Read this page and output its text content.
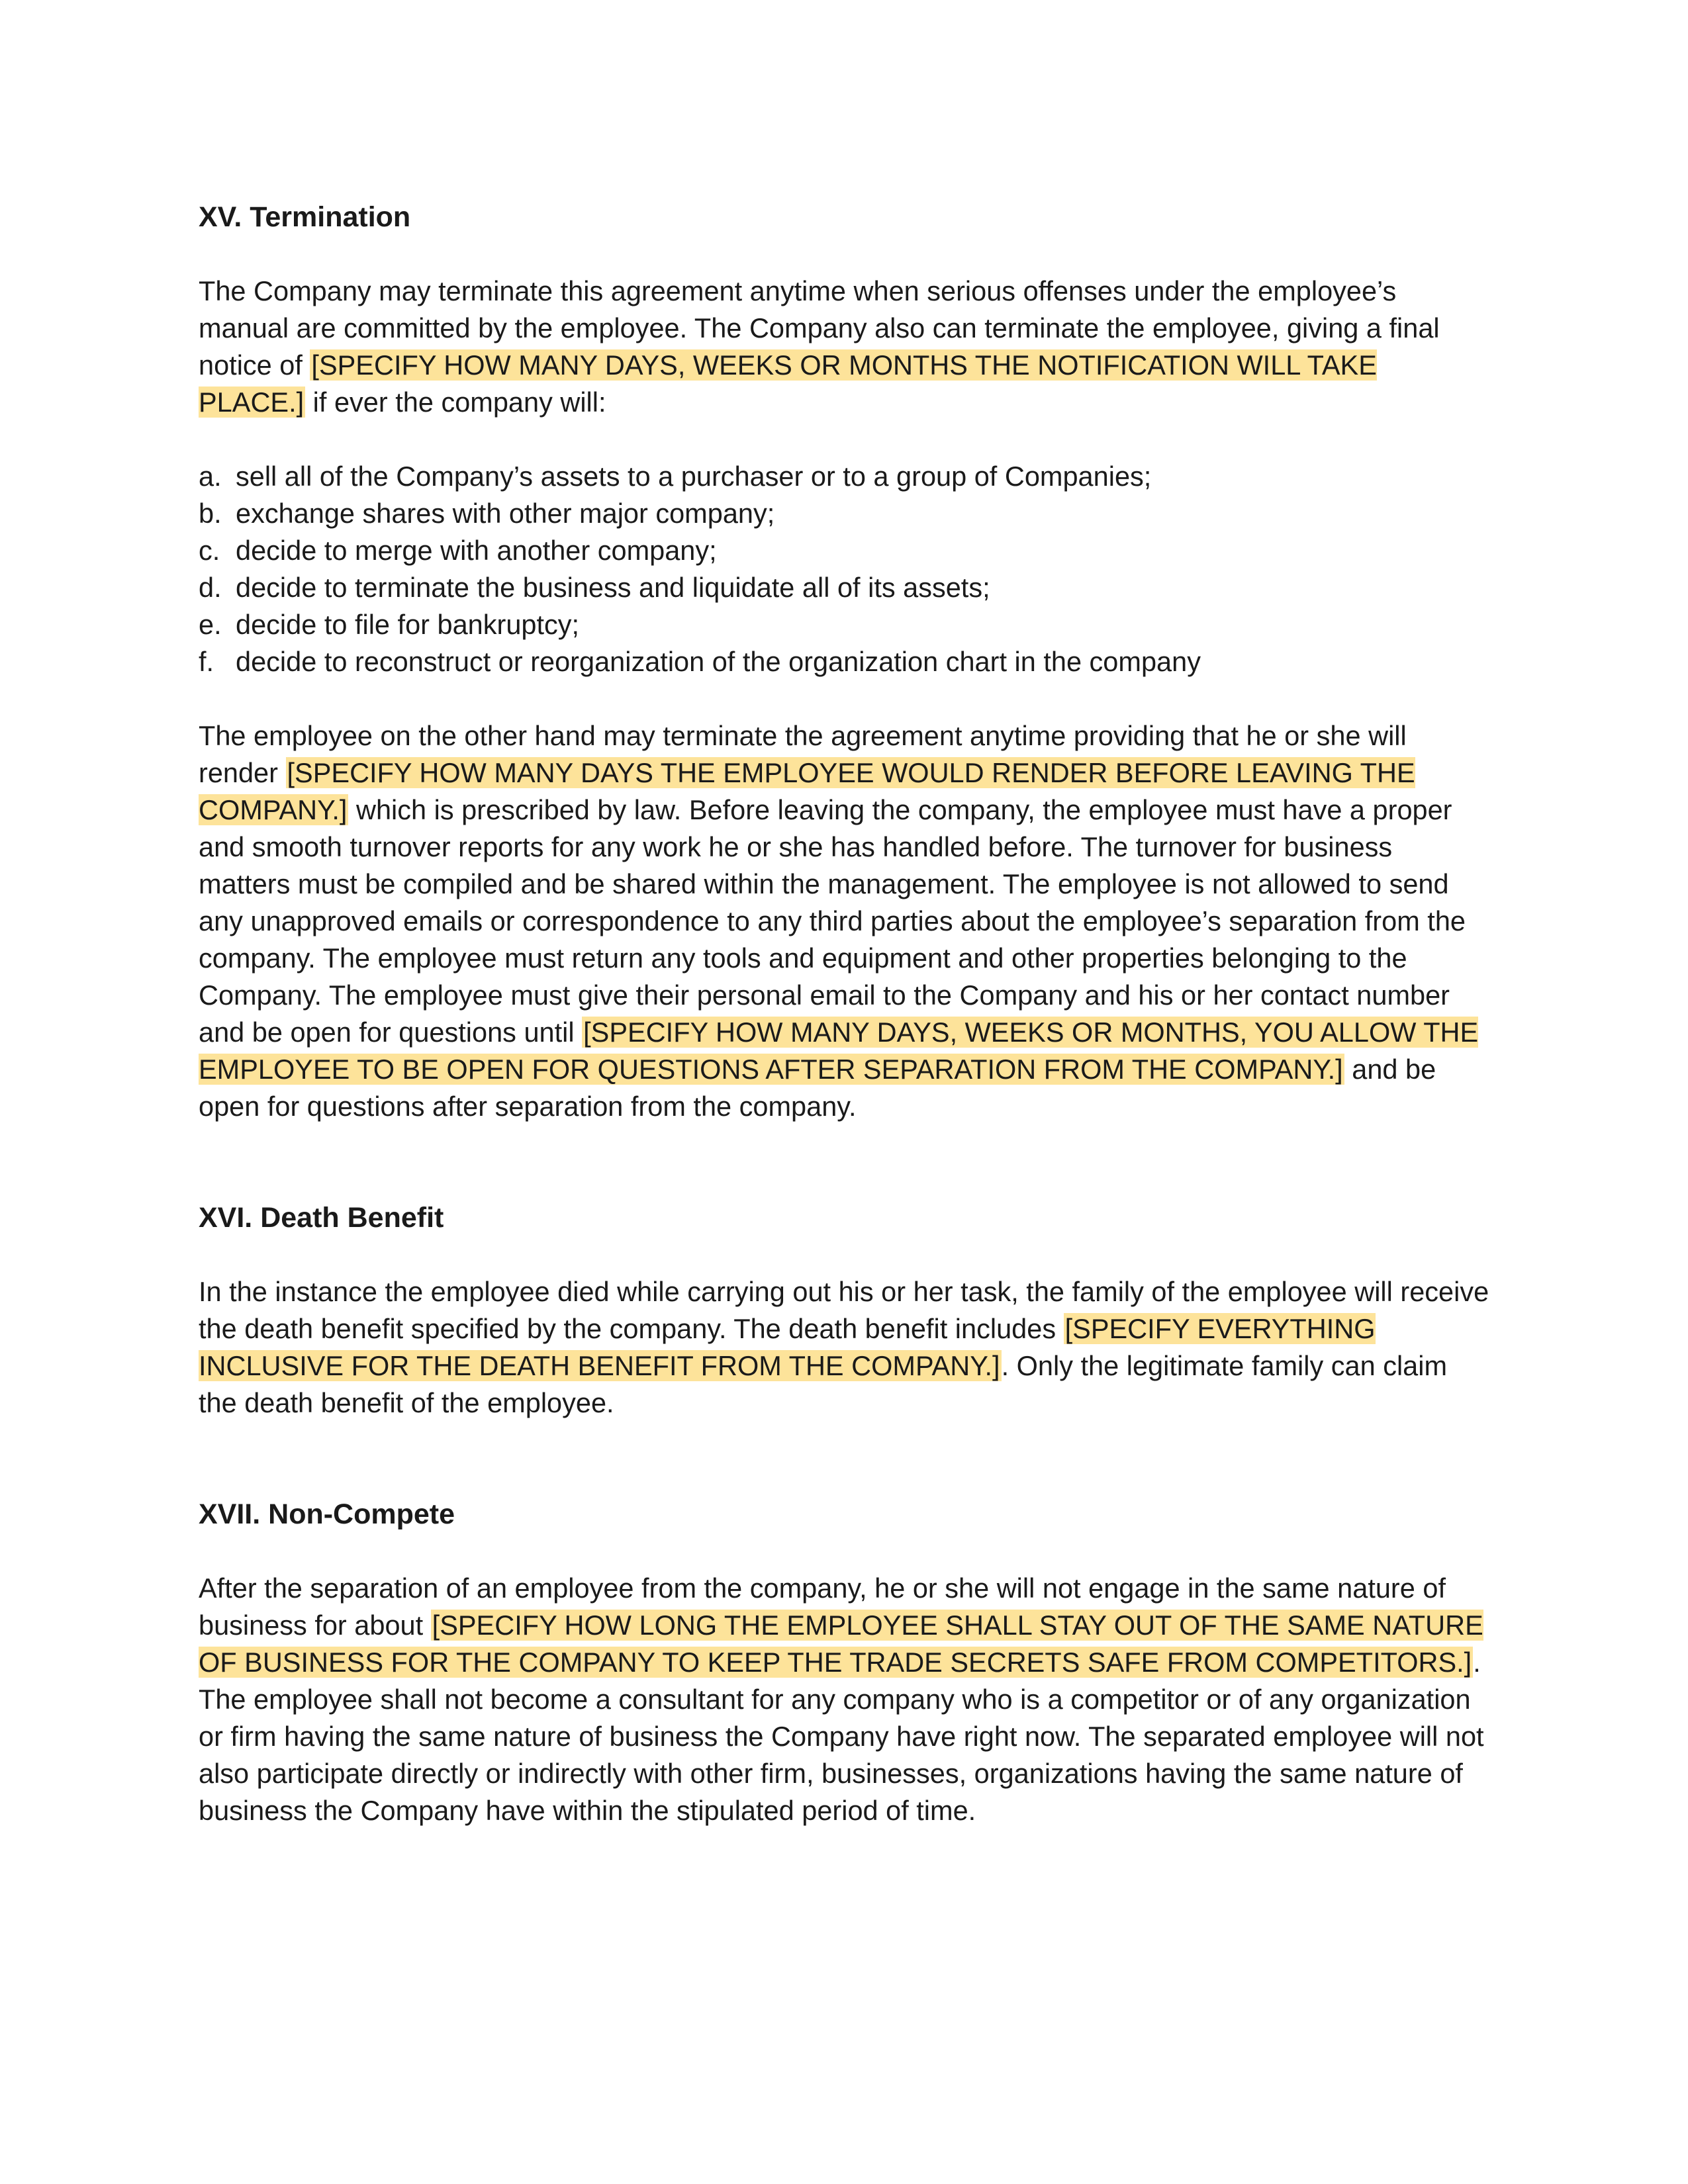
XV. Termination

The Company may terminate this agreement anytime when serious offenses under the employee’s manual are committed by the employee. The Company also can terminate the employee, giving a final notice of [SPECIFY HOW MANY DAYS, WEEKS OR MONTHS THE NOTIFICATION WILL TAKE PLACE.] if ever the company will:

a. sell all of the Company’s assets to a purchaser or to a group of Companies;
b. exchange shares with other major company;
c. decide to merge with another company;
d. decide to terminate the business and liquidate all of its assets;
e. decide to file for bankruptcy;
f. decide to reconstruct or reorganization of the organization chart in the company

The employee on the other hand may terminate the agreement anytime providing that he or she will render [SPECIFY HOW MANY DAYS THE EMPLOYEE WOULD RENDER BEFORE LEAVING THE COMPANY.] which is prescribed by law. Before leaving the company, the employee must have a proper and smooth turnover reports for any work he or she has handled before. The turnover for business matters must be compiled and be shared within the management. The employee is not allowed to send any unapproved emails or correspondence to any third parties about the employee’s separation from the company. The employee must return any tools and equipment and other properties belonging to the Company. The employee must give their personal email to the Company and his or her contact number and be open for questions until [SPECIFY HOW MANY DAYS, WEEKS OR MONTHS, YOU ALLOW THE EMPLOYEE TO BE OPEN FOR QUESTIONS AFTER SEPARATION FROM THE COMPANY.] and be open for questions after separation from the company.

XVI. Death Benefit

In the instance the employee died while carrying out his or her task, the family of the employee will receive the death benefit specified by the company. The death benefit includes [SPECIFY EVERYTHING INCLUSIVE FOR THE DEATH BENEFIT FROM THE COMPANY.]. Only the legitimate family can claim the death benefit of the employee.

XVII. Non-Compete

After the separation of an employee from the company, he or she will not engage in the same nature of business for about [SPECIFY HOW LONG THE EMPLOYEE SHALL STAY OUT OF THE SAME NATURE OF BUSINESS FOR THE COMPANY TO KEEP THE TRADE SECRETS SAFE FROM COMPETITORS.]. The employee shall not become a consultant for any company who is a competitor or of any organization or firm having the same nature of business the Company have right now. The separated employee will not also participate directly or indirectly with other firm, businesses, organizations having the same nature of business the Company have within the stipulated period of time.
